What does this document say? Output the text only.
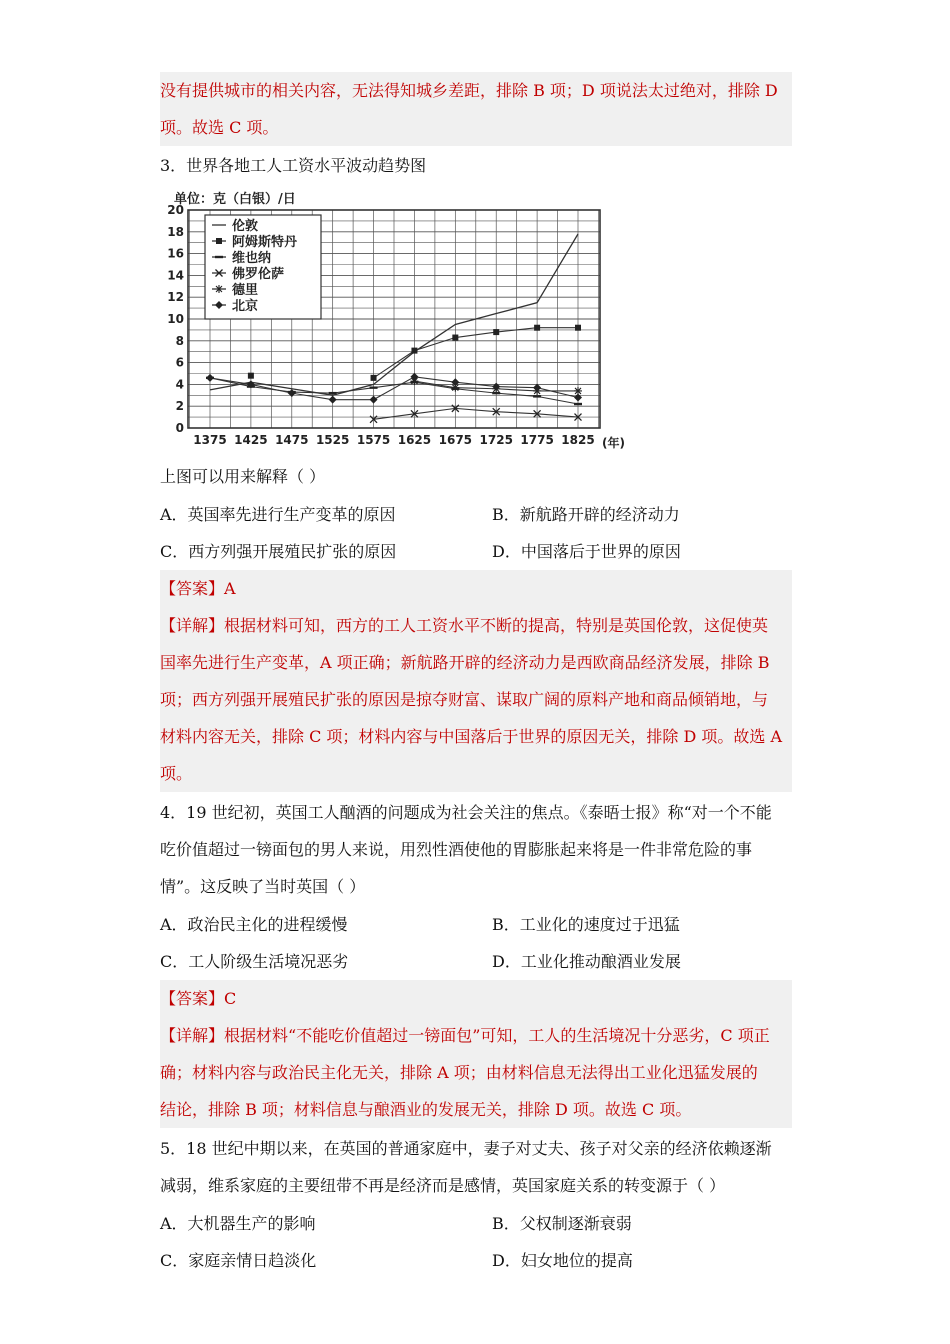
没有提供城市的相关内容，无法得知城乡差距，排除 B 项；D 项说法太过绝对，排除 D
项。故选 C 项。
3．世界各地工人工资水平波动趋势图
单位：克（白银）/日
0
2
4
6
8
10
12
14
16
18
20
1375 1425 1475 1525 1575 1625 1675 1725 1775 1825 (年)
伦敦
阿姆斯特丹
维也纳
佛罗伦萨
德里
北京
上图可以用来解释（ ）
A．英国率先进行生产变革的原因	B．新航路开辟的经济动力
C．西方列强开展殖民扩张的原因	D．中国落后于世界的原因
【答案】A
【详解】根据材料可知，西方的工人工资水平不断的提高，特别是英国伦敦，这促使英
国率先进行生产变革，A 项正确；新航路开辟的经济动力是西欧商品经济发展，排除 B
项；西方列强开展殖民扩张的原因是掠夺财富、谋取广阔的原料产地和商品倾销地，与
材料内容无关，排除 C 项；材料内容与中国落后于世界的原因无关，排除 D 项。故选 A
项。
4．19 世纪初，英国工人酗酒的问题成为社会关注的焦点。《泰晤士报》称“对一个不能
吃价值超过一镑面包的男人来说，用烈性酒使他的胃膨胀起来将是一件非常危险的事
情”。这反映了当时英国（ ）
A．政治民主化的进程缓慢	B．工业化的速度过于迅猛
C．工人阶级生活境况恶劣	D．工业化推动酿酒业发展
【答案】C
【详解】根据材料“不能吃价值超过一镑面包”可知，工人的生活境况十分恶劣，C 项正
确；材料内容与政治民主化无关，排除 A 项；由材料信息无法得出工业化迅猛发展的
结论，排除 B 项；材料信息与酿酒业的发展无关，排除 D 项。故选 C 项。
5．18 世纪中期以来，在英国的普通家庭中，妻子对丈夫、孩子对父亲的经济依赖逐渐
减弱，维系家庭的主要纽带不再是经济而是感情，英国家庭关系的转变源于（ ）
A．大机器生产的影响	B．父权制逐渐衰弱
C．家庭亲情日趋淡化	D．妇女地位的提高
